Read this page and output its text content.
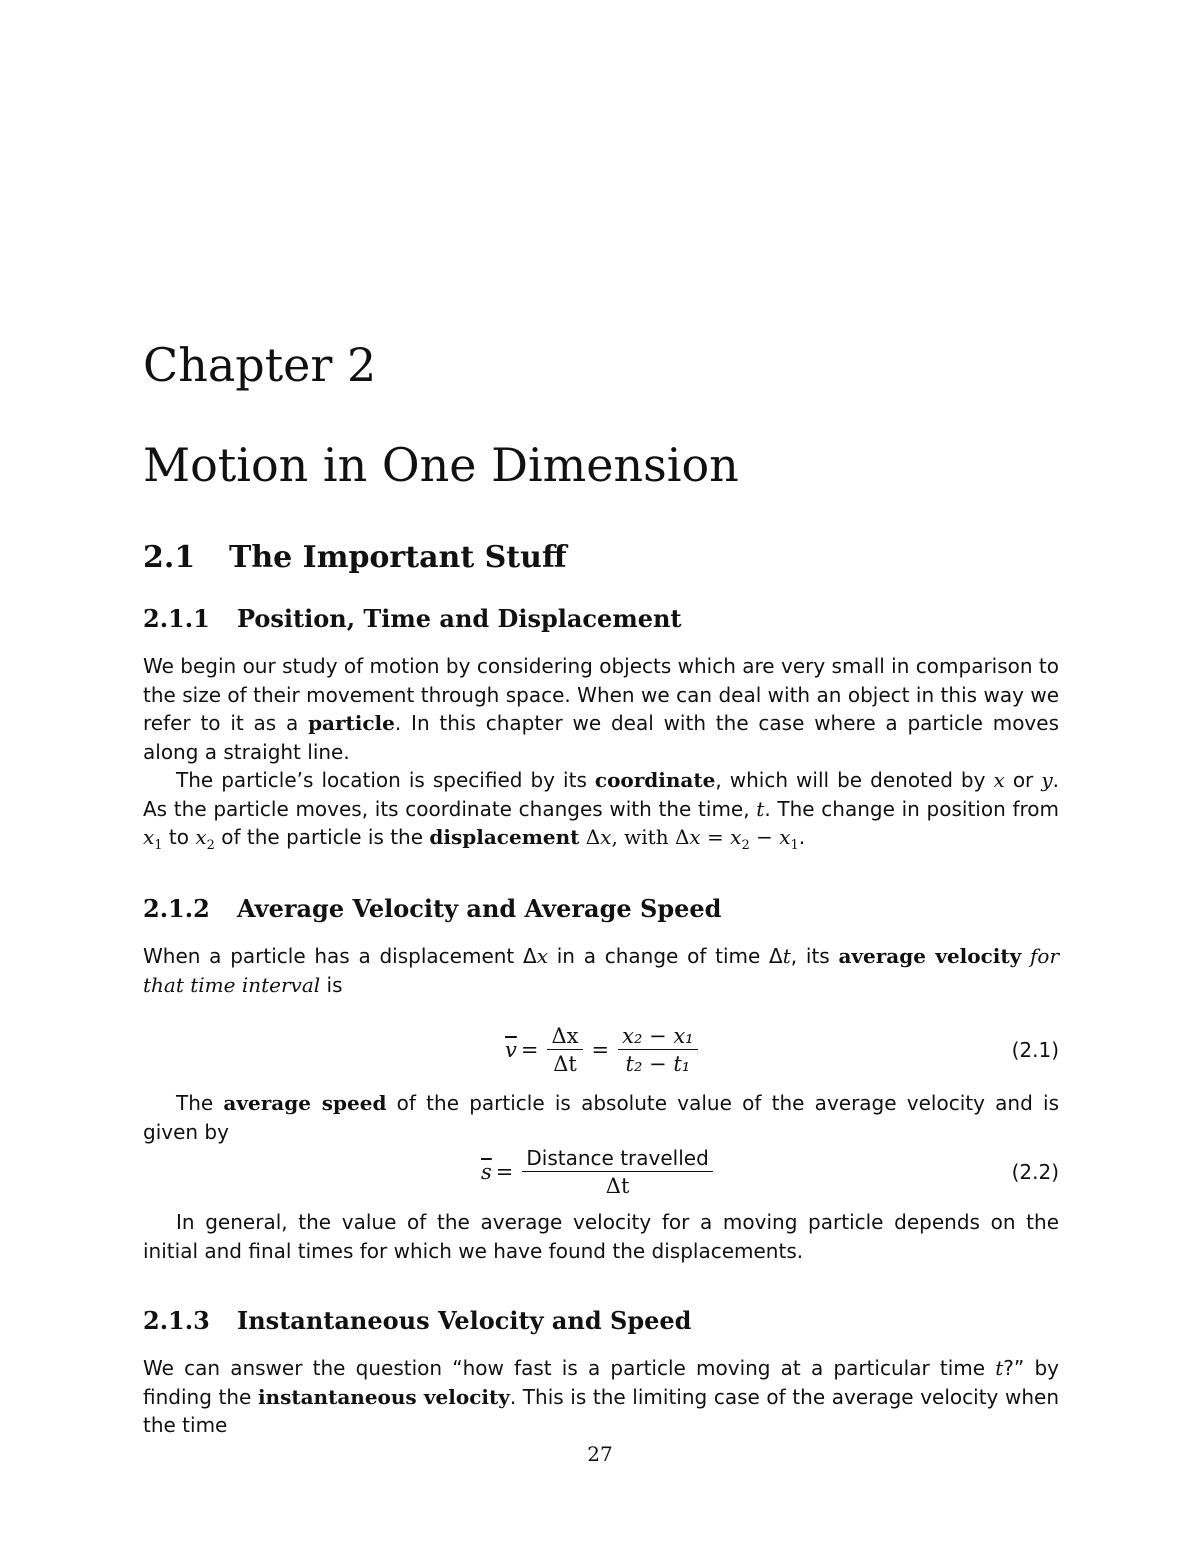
Chapter 2
Motion in One Dimension
2.1 The Important Stuff
2.1.1 Position, Time and Displacement

We begin our study of motion by considering objects which are very small in comparison to the size of their movement through space. When we can deal with an object in this way we refer to it as a particle. In this chapter we deal with the case where a particle moves along a straight line.

The particle’s location is specified by its coordinate, which will be denoted by x or y. As the particle moves, its coordinate changes with the time, t. The change in position from $x_1$ to $x_2$ of the particle is the displacement Δx, with $\Delta x = x_2 - x_1$.

2.1.2 Average Velocity and Average Speed

When a particle has a displacement Δx in a change of time Δt, its average velocity for that time interval is

$\overline{v} = \frac{\Delta x}{\Delta t} = \frac{\text{x₂ − x₁}}{\text{t₂ − t₁}}$	(2.1)

The average speed of the particle is absolute value of the average velocity and is given by

$\overline{s} = \frac{\text{Distance travelled}}{\Delta t}$	(2.2)

In general, the value of the average velocity for a moving particle depends on the initial and final times for which we have found the displacements.

2.1.3 Instantaneous Velocity and Speed

We can answer the question “how fast is a particle moving at a particular time t?” by finding the instantaneous velocity. This is the limiting case of the average velocity when the time

27
